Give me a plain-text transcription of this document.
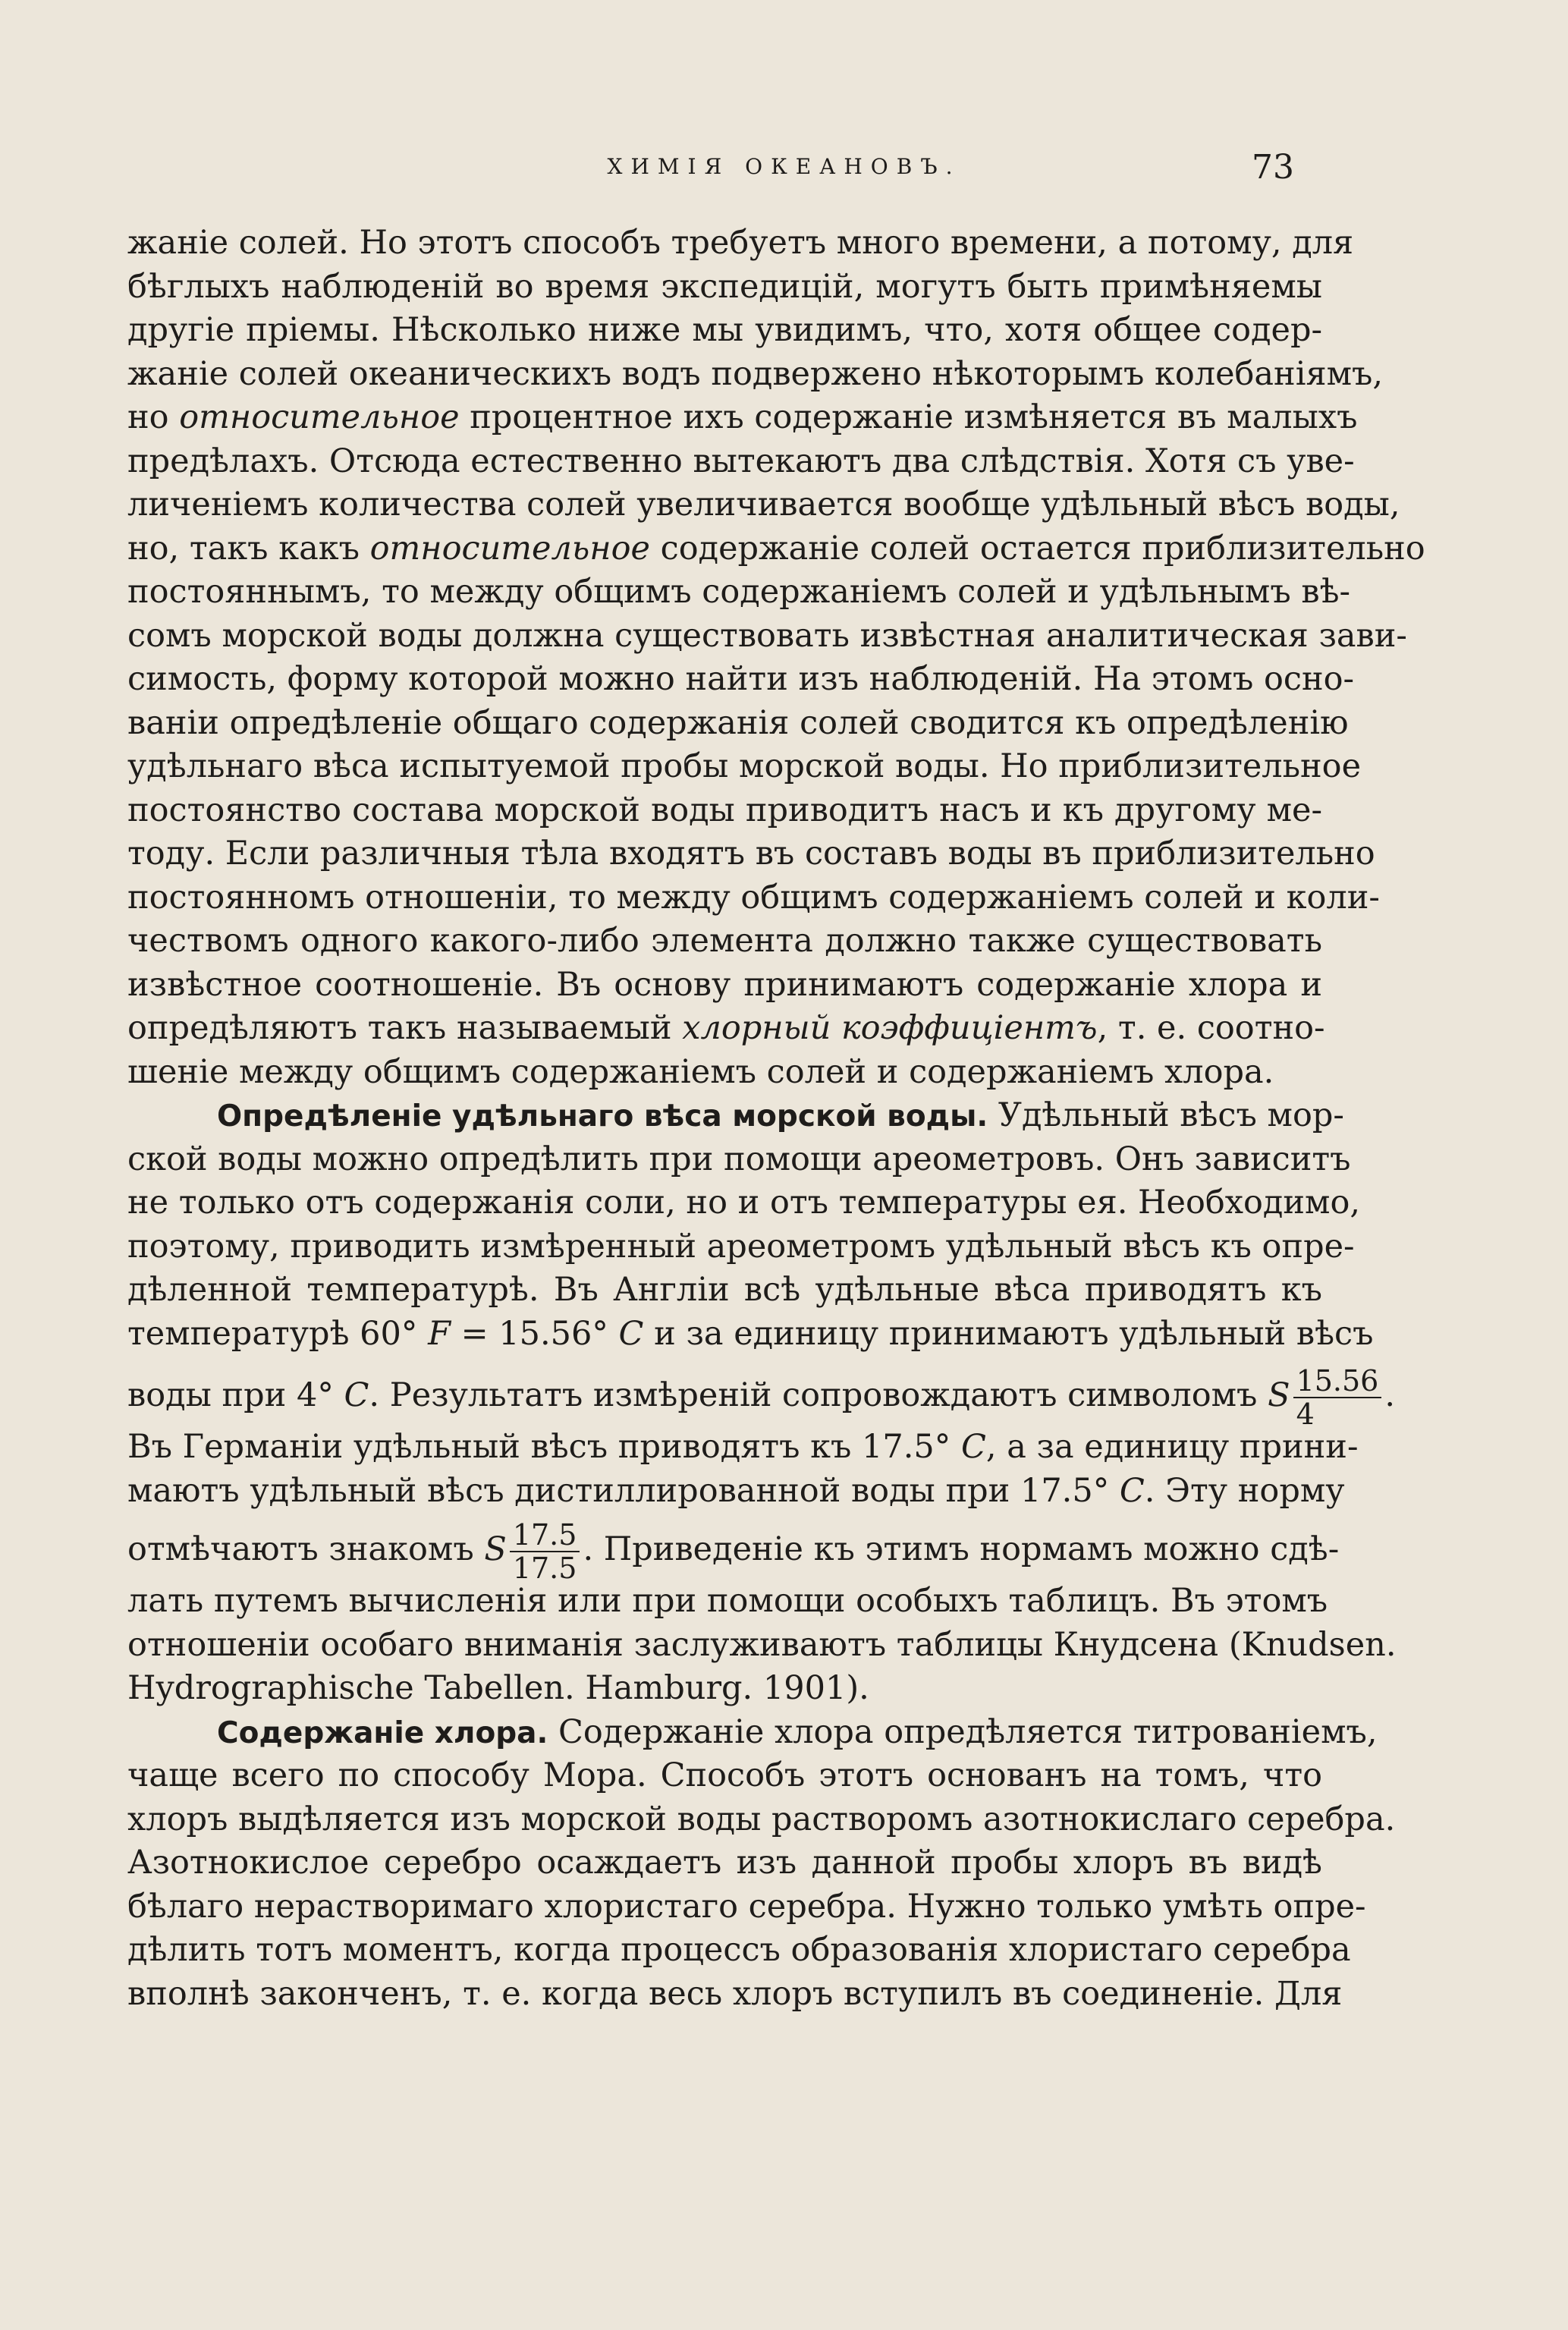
ХИМІЯ ОКЕАНОВЪ.	73
жаніе солей. Но этотъ способъ требуетъ много времени, а потому, для
бѣглыхъ наблюденій во время экспедицій, могутъ быть примѣняемы
другіе пріемы. Нѣсколько ниже мы увидимъ, что, хотя общее содер-
жаніе солей океаническихъ водъ подвержено нѣкоторымъ колебаніямъ,
но относительное процентное ихъ содержаніе измѣняется въ малыхъ
предѣлахъ. Отсюда естественно вытекаютъ два слѣдствія. Хотя съ уве-
личеніемъ количества солей увеличивается вообще удѣльный вѣсъ воды,
но, такъ какъ относительное содержаніе солей остается приблизительно
постояннымъ, то между общимъ содержаніемъ солей и удѣльнымъ вѣ-
сомъ морской воды должна существовать извѣстная аналитическая зави-
симость, форму которой можно найти изъ наблюденій. На этомъ осно-
ваніи опредѣленіе общаго содержанія солей сводится къ опредѣленію
удѣльнаго вѣса испытуемой пробы морской воды. Но приблизительное
постоянство состава морской воды приводитъ насъ и къ другому ме-
тоду. Если различныя тѣла входятъ въ составъ воды въ приблизительно
постоянномъ отношеніи, то между общимъ содержаніемъ солей и коли-
чествомъ одного какого-либо элемента должно также существовать
извѣстное соотношеніе. Въ основу принимаютъ содержаніе хлора и
опредѣляютъ такъ называемый хлорный коэффиціентъ, т. е. соотно-
шеніе между общимъ содержаніемъ солей и содержаніемъ хлора.
Опредѣленіе удѣльнаго вѣса морской воды. Удѣльный вѣсъ мор-
ской воды можно опредѣлить при помощи ареометровъ. Онъ зависитъ
не только отъ содержанія соли, но и отъ температуры ея. Необходимо,
поэтому, приводить измѣренный ареометромъ удѣльный вѣсъ къ опре-
дѣленной температурѣ. Въ Англіи всѣ удѣльные вѣса приводятъ къ
температурѣ 60° F = 15.56° C и за единицу принимаютъ удѣльный вѣсъ
воды при 4° C. Результатъ измѣреній сопровождаютъ символомъ S $\frac{15.56}{4}$ .
Въ Германіи удѣльный вѣсъ приводятъ къ 17.5° C, а за единицу прини-
маютъ удѣльный вѣсъ дистиллированной воды при 17.5° C. Эту норму
отмѣчаютъ знакомъ S $\frac{17.5}{17.5}$ . Приведеніе къ этимъ нормамъ можно сдѣ-
лать путемъ вычисленія или при помощи особыхъ таблицъ. Въ этомъ
отношеніи особаго вниманія заслуживаютъ таблицы Кнудсена (Knudsen.
Hydrographische Tabellen. Hamburg. 1901).
Содержаніе хлора. Содержаніе хлора опредѣляется титрованіемъ,
чаще всего по способу Мора. Способъ этотъ основанъ на томъ, что
хлоръ выдѣляется изъ морской воды растворомъ азотнокислаго серебра.
Азотнокислое серебро осаждаетъ изъ данной пробы хлоръ въ видѣ
бѣлаго нерастворимаго хлористаго серебра. Нужно только умѣть опре-
дѣлить тотъ моментъ, когда процессъ образованія хлористаго серебра
вполнѣ законченъ, т. е. когда весь хлоръ вступилъ въ соединеніе. Для
